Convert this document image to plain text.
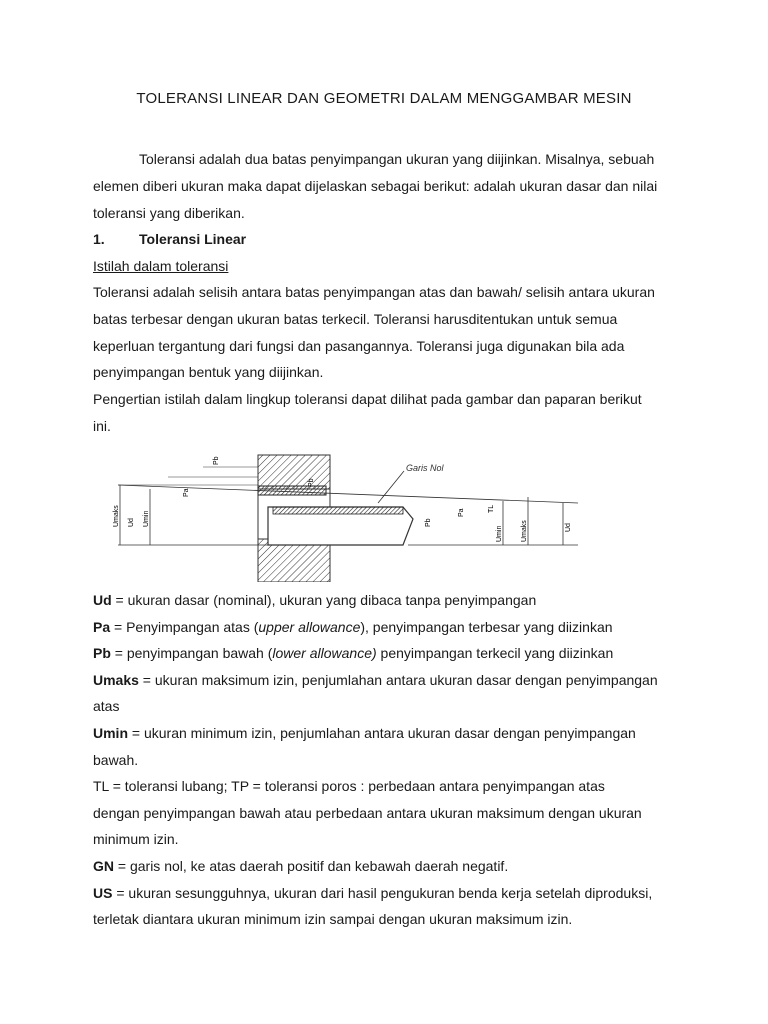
TOLERANSI LINEAR DAN GEOMETRI DALAM MENGGAMBAR MESIN
Toleransi adalah dua batas penyimpangan ukuran yang diijinkan. Misalnya, sebuah
elemen diberi ukuran maka dapat dijelaskan sebagai berikut: adalah ukuran dasar dan nilai
toleransi yang diberikan.
1. Toleransi Linear
Istilah dalam toleransi
Toleransi adalah selisih antara batas penyimpangan atas dan bawah/ selisih antara ukuran
batas terbesar dengan ukuran batas terkecil. Toleransi harusditentukan untuk semua
keperluan tergantung dari fungsi dan pasangannya. Toleransi juga digunakan bila ada
penyimpangan bentuk yang diijinkan.
Pengertian istilah dalam lingkup toleransi dapat dilihat pada gambar dan paparan berikut
ini.
Garis Nol
Pb
Pa
Umaks	Umin	Pa
Pb
Umin	Umaks	Ud
Pb
TL
Ud
Ud = ukuran dasar (nominal), ukuran yang dibaca tanpa penyimpangan
Pa = Penyimpangan atas (upper allowance), penyimpangan terbesar yang diizinkan
Pb = penyimpangan bawah (lower allowance) penyimpangan terkecil yang diizinkan
Umaks = ukuran maksimum izin, penjumlahan antara ukuran dasar dengan penyimpangan
atas
Umin = ukuran minimum izin, penjumlahan antara ukuran dasar dengan penyimpangan
bawah.
TL = toleransi lubang; TP = toleransi poros : perbedaan antara penyimpangan atas
dengan penyimpangan bawah atau perbedaan antara ukuran maksimum dengan ukuran
minimum izin.
GN = garis nol, ke atas daerah positif dan kebawah daerah negatif.
US = ukuran sesungguhnya, ukuran dari hasil pengukuran benda kerja setelah diproduksi,
terletak diantara ukuran minimum izin sampai dengan ukuran maksimum izin.
